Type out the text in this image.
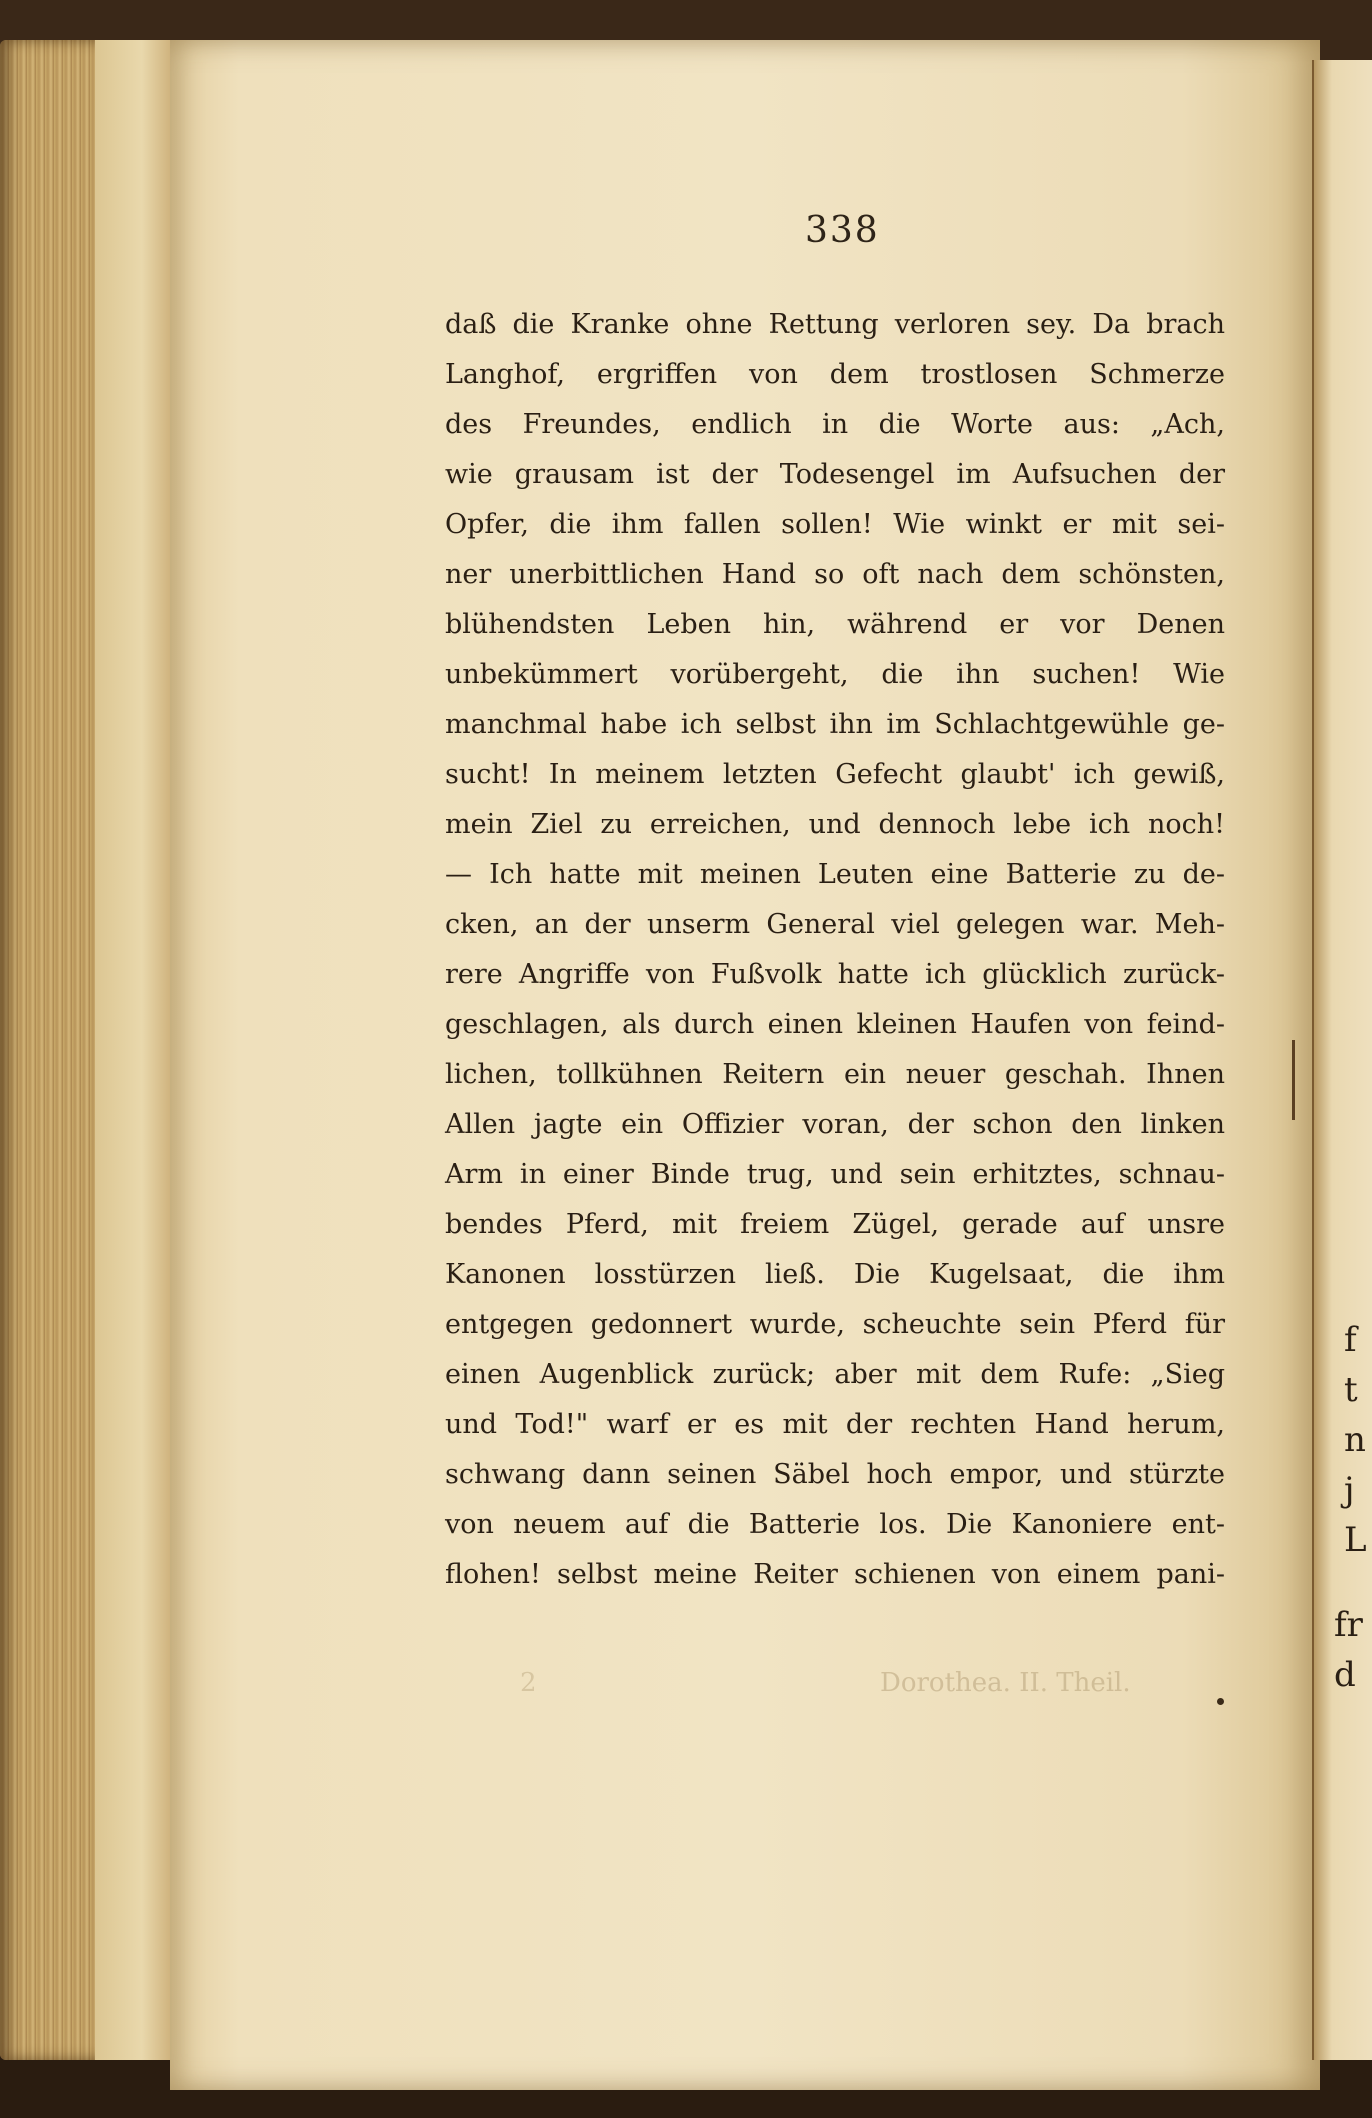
f
t
n
j
L
fr
d
338
daß die Kranke ohne Rettung verloren sey. Da brach
Langhof, ergriffen von dem trostlosen Schmerze
des Freundes, endlich in die Worte aus: „Ach,
wie grausam ist der Todesengel im Aufsuchen der
Opfer, die ihm fallen sollen! Wie winkt er mit sei-
ner unerbittlichen Hand so oft nach dem schönsten,
blühendsten Leben hin, während er vor Denen
unbekümmert vorübergeht, die ihn suchen! Wie
manchmal habe ich selbst ihn im Schlachtgewühle ge-
sucht! In meinem letzten Gefecht glaubt' ich gewiß,
mein Ziel zu erreichen, und dennoch lebe ich noch!
— Ich hatte mit meinen Leuten eine Batterie zu de-
cken, an der unserm General viel gelegen war. Meh-
rere Angriffe von Fußvolk hatte ich glücklich zurück-
geschlagen, als durch einen kleinen Haufen von feind-
lichen, tollkühnen Reitern ein neuer geschah. Ihnen
Allen jagte ein Offizier voran, der schon den linken
Arm in einer Binde trug, und sein erhitztes, schnau-
bendes Pferd, mit freiem Zügel, gerade auf unsre
Kanonen losstürzen ließ. Die Kugelsaat, die ihm
entgegen gedonnert wurde, scheuchte sein Pferd für
einen Augenblick zurück; aber mit dem Rufe: „Sieg
und Tod!" warf er es mit der rechten Hand herum,
schwang dann seinen Säbel hoch empor, und stürzte
von neuem auf die Batterie los. Die Kanoniere ent-
flohen! selbst meine Reiter schienen von einem pani-
2	Dorothea. II. Theil.
